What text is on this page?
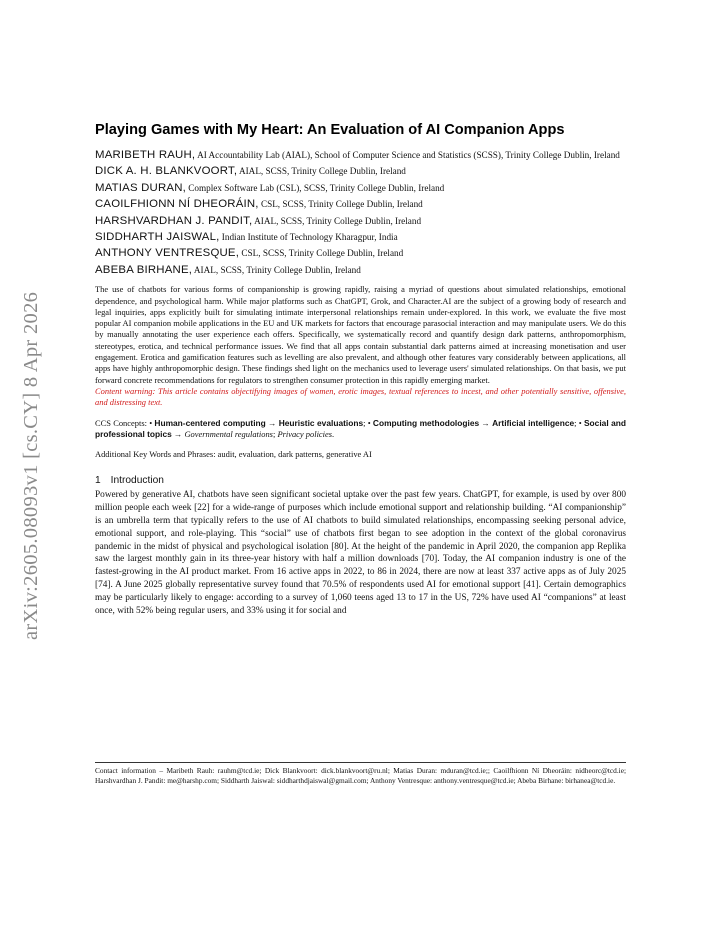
arXiv:2605.08093v1 [cs.CY] 8 Apr 2026
Playing Games with My Heart: An Evaluation of AI Companion Apps
MARIBETH RAUH, AI Accountability Lab (AIAL), School of Computer Science and Statistics (SCSS), Trinity College Dublin, Ireland
DICK A. H. BLANKVOORT, AIAL, SCSS, Trinity College Dublin, Ireland
MATIAS DURAN, Complex Software Lab (CSL), SCSS, Trinity College Dublin, Ireland
CAOILFHIONN NÍ DHEORÁIN, CSL, SCSS, Trinity College Dublin, Ireland
HARSHVARDHAN J. PANDIT, AIAL, SCSS, Trinity College Dublin, Ireland
SIDDHARTH JAISWAL, Indian Institute of Technology Kharagpur, India
ANTHONY VENTRESQUE, CSL, SCSS, Trinity College Dublin, Ireland
ABEBA BIRHANE, AIAL, SCSS, Trinity College Dublin, Ireland
The use of chatbots for various forms of companionship is growing rapidly, raising a myriad of questions about simulated relationships, emotional dependence, and psychological harm. While major platforms such as ChatGPT, Grok, and Character.AI are the subject of a growing body of research and legal inquiries, apps explicitly built for simulating intimate interpersonal relationships remain under-explored. In this work, we evaluate the five most popular AI companion mobile applications in the EU and UK markets for factors that encourage parasocial interaction and may manipulate users. We do this by manually annotating the user experience each offers. Specifically, we systematically record and quantify design dark patterns, anthropomorphism, stereotypes, erotica, and technical performance issues. We find that all apps contain substantial dark patterns aimed at increasing monetisation and user engagement. Erotica and gamification features such as levelling are also prevalent, and although other features vary considerably between applications, all apps have highly anthropomorphic design. These findings shed light on the mechanics used to leverage users' simulated relationships. On that basis, we put forward concrete recommendations for regulators to strengthen consumer protection in this rapidly emerging market.
Content warning: This article contains objectifying images of women, erotic images, textual references to incest, and other potentially sensitive, offensive, and distressing text.
CCS Concepts: • Human-centered computing → Heuristic evaluations; • Computing methodologies → Artificial intelligence; • Social and professional topics → Governmental regulations; Privacy policies.
Additional Key Words and Phrases: audit, evaluation, dark patterns, generative AI
1 Introduction
Powered by generative AI, chatbots have seen significant societal uptake over the past few years. ChatGPT, for example, is used by over 800 million people each week [22] for a wide-range of purposes which include emotional support and relationship building. “AI companionship” is an umbrella term that typically refers to the use of AI chatbots to build simulated relationships, encompassing seeking personal advice, emotional support, and role-playing. This “social” use of chatbots first began to see adoption in the context of the global coronavirus pandemic in the midst of physical and psychological isolation [80]. At the height of the pandemic in April 2020, the companion app Replika saw the largest monthly gain in its three-year history with half a million downloads [70]. Today, the AI companion industry is one of the fastest-growing in the AI product market. From 16 active apps in 2022, to 86 in 2024, there are now at least 337 active apps as of July 2025 [74]. A June 2025 globally representative survey found that 70.5% of respondents used AI for emotional support [41]. Certain demographics may be particularly likely to engage: according to a survey of 1,060 teens aged 13 to 17 in the US, 72% have used AI “companions” at least once, with 52% being regular users, and 33% using it for social and
Contact information – Maribeth Rauh: rauhm@tcd.ie; Dick Blankvoort: dick.blankvoort@ru.nl; Matias Duran: mduran@tcd.ie;; Caoilfhionn Ní Dheoráin: nidheorc@tcd.ie; Harshvardhan J. Pandit: me@harshp.com; Siddharth Jaiswal: siddharthdjaiswal@gmail.com; Anthony Ventresque: anthony.ventresque@tcd.ie; Abeba Birhane: birhanea@tcd.ie.
